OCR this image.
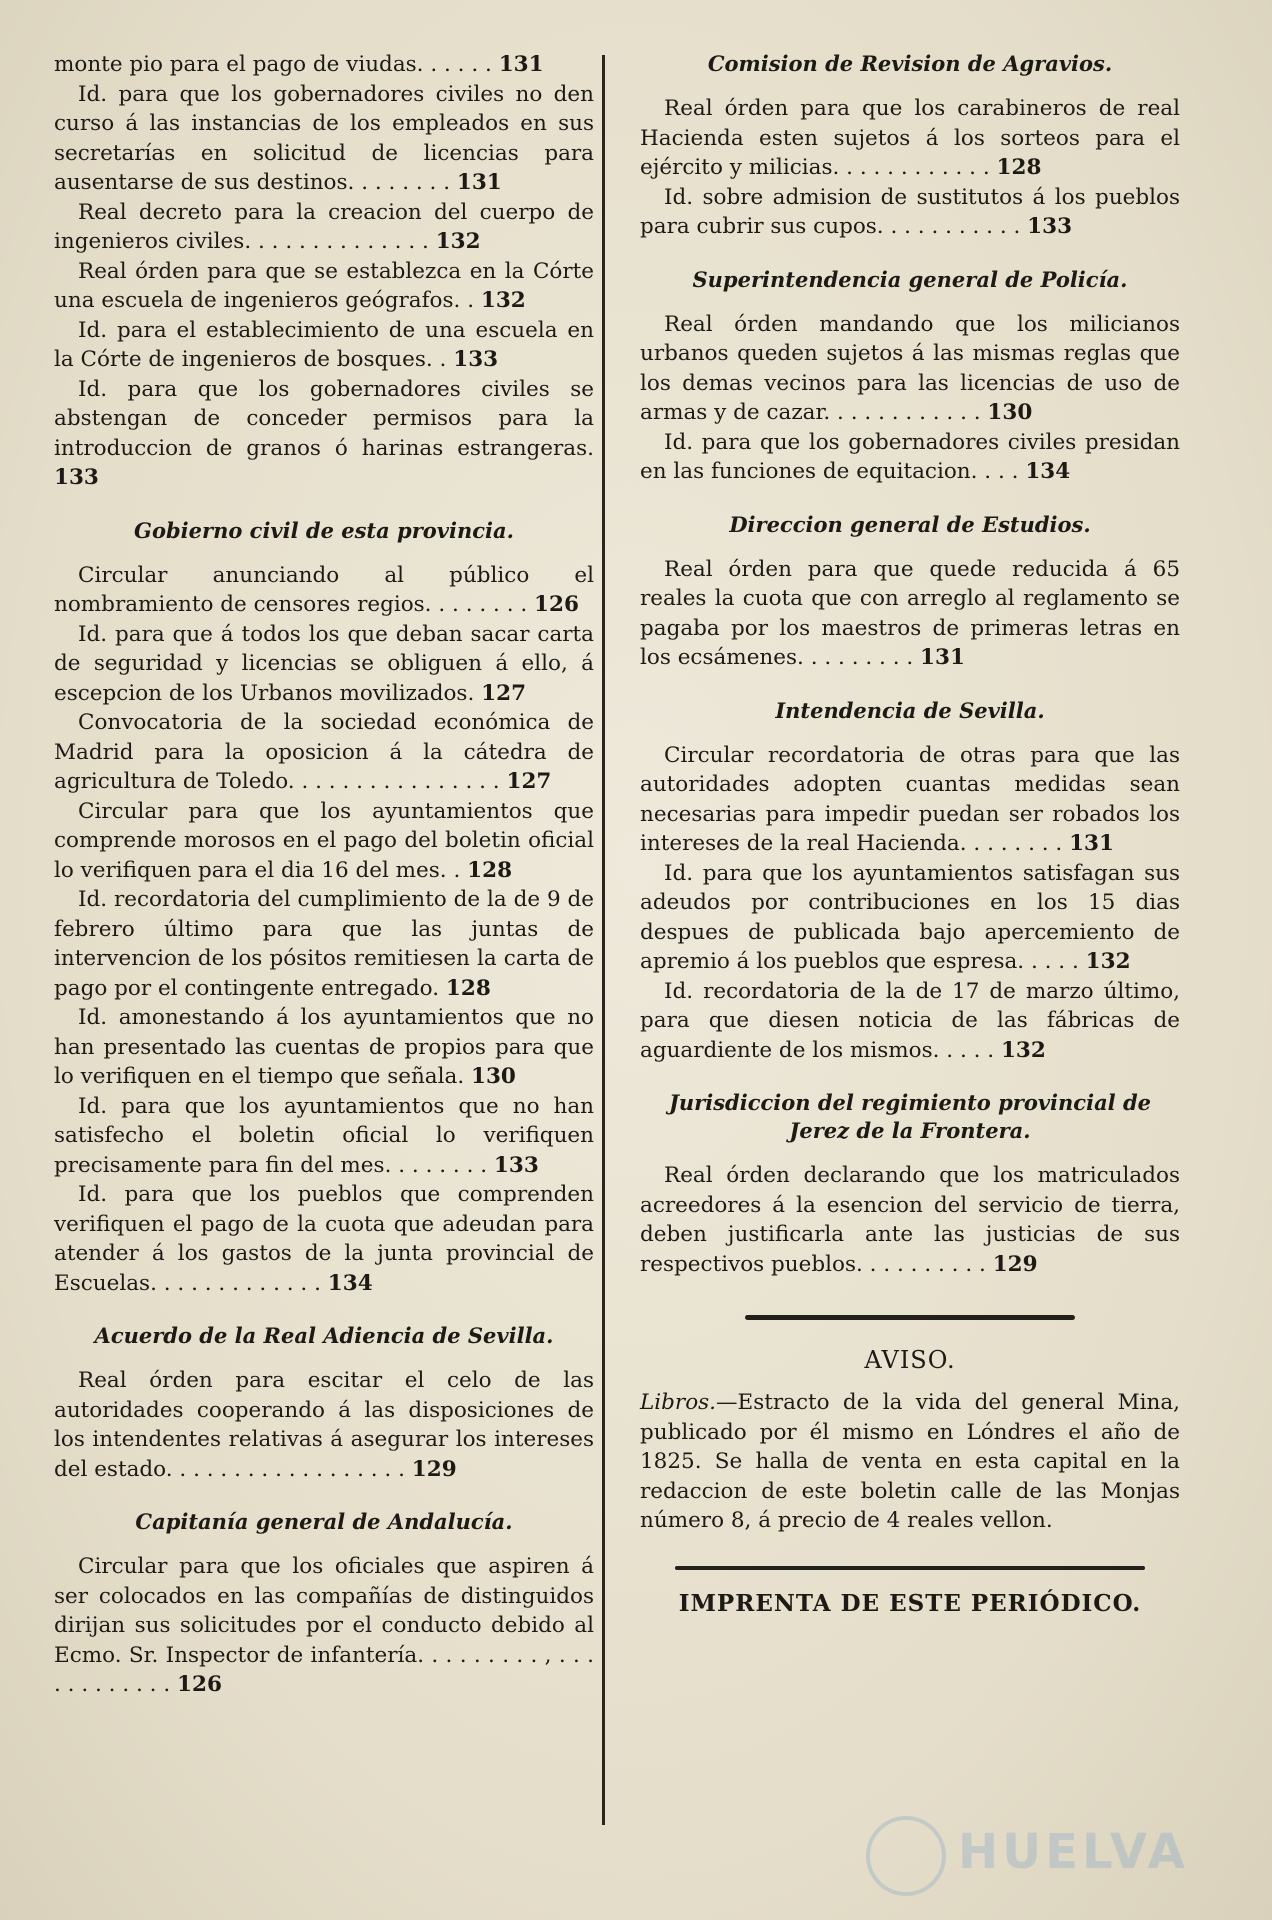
monte pio para el pago de viudas. . . . . . 131

Id. para que los gobernadores civiles no den curso á las instancias de los empleados en sus secretarías en solicitud de licencias para ausentarse de sus destinos. . . . . . . . 131

Real decreto para la creacion del cuerpo de ingenieros civiles. . . . . . . . . . . . . . 132

Real órden para que se establezca en la Córte una escuela de ingenieros geógrafos. . 132

Id. para el establecimiento de una escuela en la Córte de ingenieros de bosques. . 133

Id. para que los gobernadores civiles se abstengan de conceder permisos para la introduccion de granos ó harinas estrangeras. 133

Gobierno civil de esta provincia.

Circular anunciando al público el nombramiento de censores regios. . . . . . . . 126

Id. para que á todos los que deban sacar carta de seguridad y licencias se obliguen á ello, á escepcion de los Urbanos movilizados. 127

Convocatoria de la sociedad económica de Madrid para la oposicion á la cátedra de agricultura de Toledo. . . . . . . . . . . . . . . . 127

Circular para que los ayuntamientos que comprende morosos en el pago del boletin oficial lo verifiquen para el dia 16 del mes. . 128

Id. recordatoria del cumplimiento de la de 9 de febrero último para que las juntas de intervencion de los pósitos remitiesen la carta de pago por el contingente entregado. 128

Id. amonestando á los ayuntamientos que no han presentado las cuentas de propios para que lo verifiquen en el tiempo que señala. 130

Id. para que los ayuntamientos que no han satisfecho el boletin oficial lo verifiquen precisamente para fin del mes. . . . . . . . 133

Id. para que los pueblos que comprenden verifiquen el pago de la cuota que adeudan para atender á los gastos de la junta provincial de Escuelas. . . . . . . . . . . . . 134

Acuerdo de la Real Adiencia de Sevilla.

Real órden para escitar el celo de las autoridades cooperando á las disposiciones de los intendentes relativas á asegurar los intereses del estado. . . . . . . . . . . . . . . . . . 129

Capitanía general de Andalucía.

Circular para que los oficiales que aspiren á ser colocados en las compañías de distinguidos dirijan sus solicitudes por el conducto debido al Ecmo. Sr. Inspector de infantería. . . . . . . . . , . . . . . . . . . . . . 126

Comision de Revision de Agravios.

Real órden para que los carabineros de real Hacienda esten sujetos á los sorteos para el ejército y milicias. . . . . . . . . . . . 128

Id. sobre admision de sustitutos á los pueblos para cubrir sus cupos. . . . . . . . . . . 133

Superintendencia general de Policía.

Real órden mandando que los milicianos urbanos queden sujetos á las mismas reglas que los demas vecinos para las licencias de uso de armas y de cazar. . . . . . . . . . . . 130

Id. para que los gobernadores civiles presidan en las funciones de equitacion. . . . 134

Direccion general de Estudios.

Real órden para que quede reducida á 65 reales la cuota que con arreglo al reglamento se pagaba por los maestros de primeras letras en los ecsámenes. . . . . . . . . 131

Intendencia de Sevilla.

Circular recordatoria de otras para que las autoridades adopten cuantas medidas sean necesarias para impedir puedan ser robados los intereses de la real Hacienda. . . . . . . . 131

Id. para que los ayuntamientos satisfagan sus adeudos por contribuciones en los 15 dias despues de publicada bajo apercemiento de apremio á los pueblos que espresa. . . . . 132

Id. recordatoria de la de 17 de marzo último, para que diesen noticia de las fábricas de aguardiente de los mismos. . . . . 132

Jurisdiccion del regimiento provincial de Jerez de la Frontera.

Real órden declarando que los matriculados acreedores á la esencion del servicio de tierra, deben justificarla ante las justicias de sus respectivos pueblos. . . . . . . . . . 129

AVISO.

Libros.—Estracto de la vida del general Mina, publicado por él mismo en Lóndres el año de 1825. Se halla de venta en esta capital en la redaccion de este boletin calle de las Monjas número 8, á precio de 4 reales vellon.

IMPRENTA DE ESTE PERIÓDICO.

HUELVA
